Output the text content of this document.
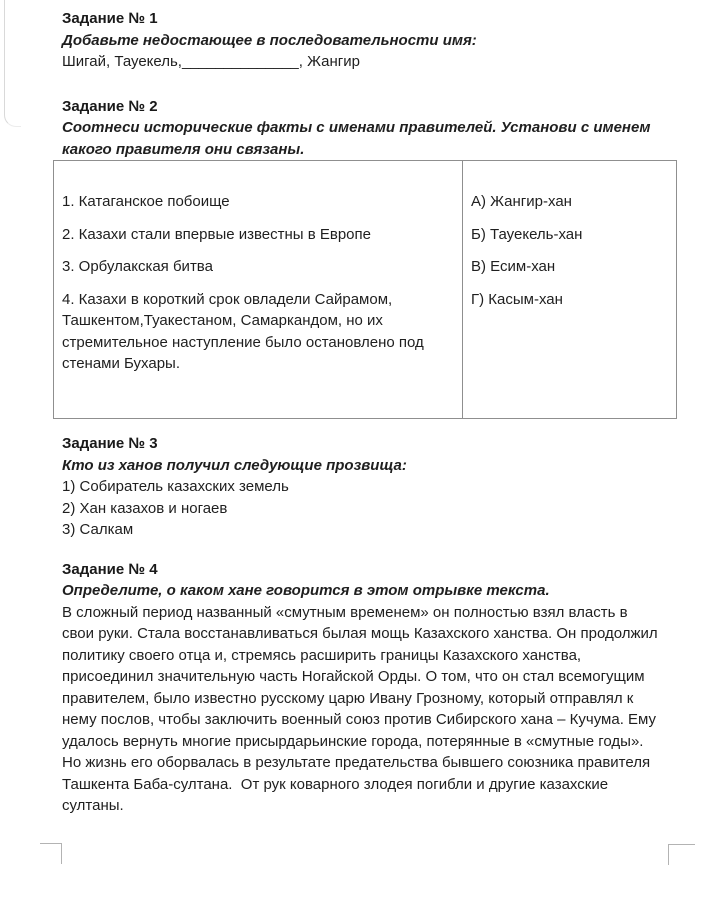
Задание № 1

Добавьте недостающее в последовательности имя:

Шигай, Тауекель,______________, Жангир

Задание № 2

Соотнеси исторические факты с именами правителей. Установи с именем какого правителя они связаны.

1. Катаганское побоище

2. Казахи стали впервые известны в Европе

3. Орбулакская битва

4. Казахи в короткий срок овладели Сайрамом, Ташкентом,Туакестаном, Самаркандом, но их стремительное наступление было остановлено под стенами Бухары.

А) Жангир-хан

Б) Тауекель-хан

В) Есим-хан

Г) Касым-хан

Задание № 3

Кто из ханов получил следующие прозвища:

1) Собиратель казахских земель

2) Хан казахов и ногаев

3) Салкам

Задание № 4

Определите, о каком хане говорится в этом отрывке текста.

В сложный период названный «смутным временем» он полностью взял власть в свои руки. Стала восстанавливаться былая мощь Казахского ханства. Он продолжил политику своего отца и, стремясь расширить границы Казахского ханства, присоединил значительную часть Ногайской Орды. О том, что он стал всемогущим правителем, было известно русскому царю Ивану Грозному, который отправлял к нему послов, чтобы заключить военный союз против Сибирского хана – Кучума. Ему удалось вернуть многие присырдарьинские города, потерянные в «смутные годы». Но жизнь его оборвалась в результате предательства бывшего союзника правителя Ташкента Баба-султана.  От рук коварного злодея погибли и другие казахские султаны.
